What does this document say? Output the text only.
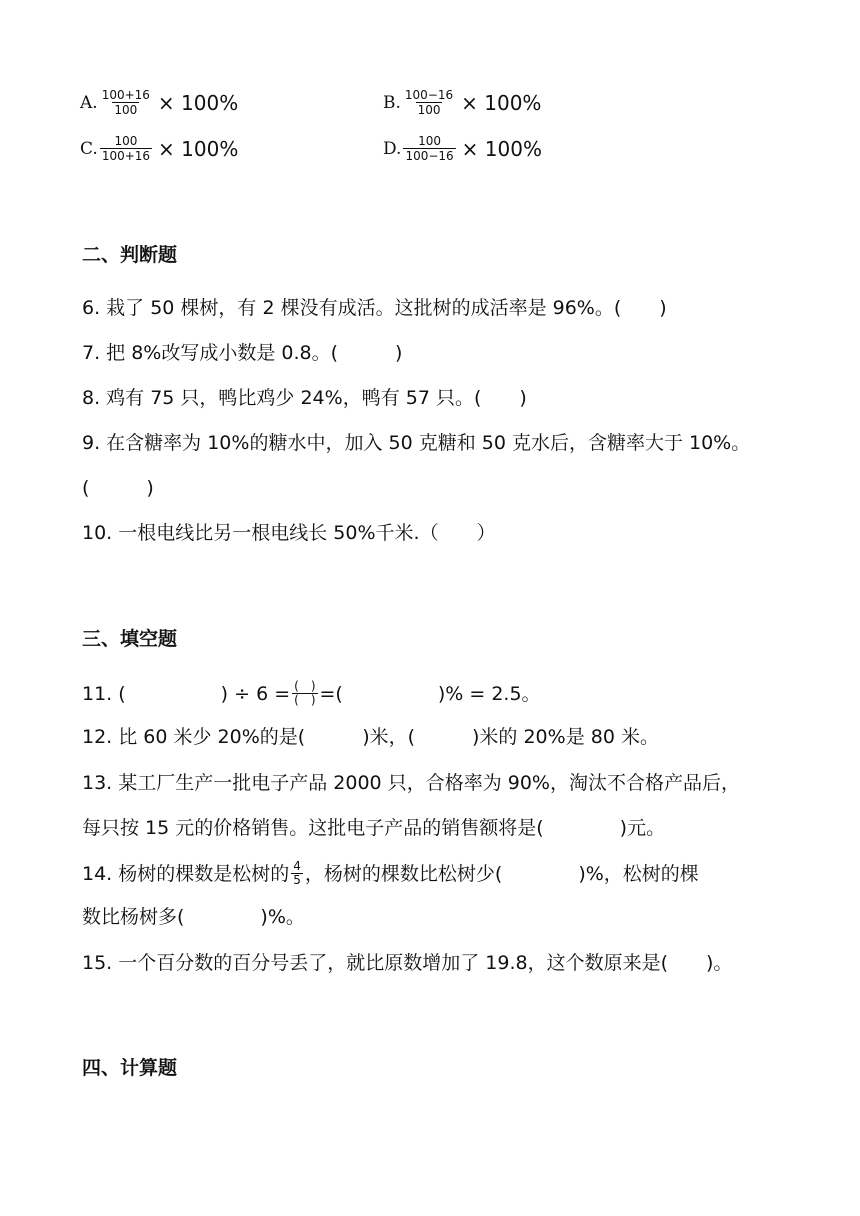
A. $\frac{100+16}{100} \times 100\%$	B. $\frac{100-16}{100} \times 100\%$
C. $\frac{100}{100+16} \times 100\%$	D. $\frac{100}{100-16} \times 100\%$
二、判断题
6. 栽了 50 棵树，有 2 棵没有成活。这批树的成活率是 96%。(　　)
7. 把 8%改写成小数是 0.8。(　　　)
8. 鸡有 75 只，鸭比鸡少 24%，鸭有 57 只。(　　)
9. 在含糖率为 10%的糖水中，加入 50 克糖和 50 克水后，含糖率大于 10%。
(　　　)
10. 一根电线比另一根电线长 50%千米.（　　）
三、填空题
11. (　　　　　) ÷ $6 = \frac{( )}{( )}$ =(　　　　　)% = 2.5。
12. 比 60 米少 20%的是(　　　)米，(　　　)米的 20%是 80 米。
13. 某工厂生产一批电子产品 2000 只，合格率为 90%，淘汰不合格产品后，
每只按 15 元的价格销售。这批电子产品的销售额将是(　　　　)元。
14. 杨树的棵数是松树的 $\frac{4}{5}$ ，杨树的棵数比松树少(　　　　)%，松树的棵
数比杨树多(　　　　)%。
15. 一个百分数的百分号丢了，就比原数增加了 19.8，这个数原来是(　　)。
四、计算题
